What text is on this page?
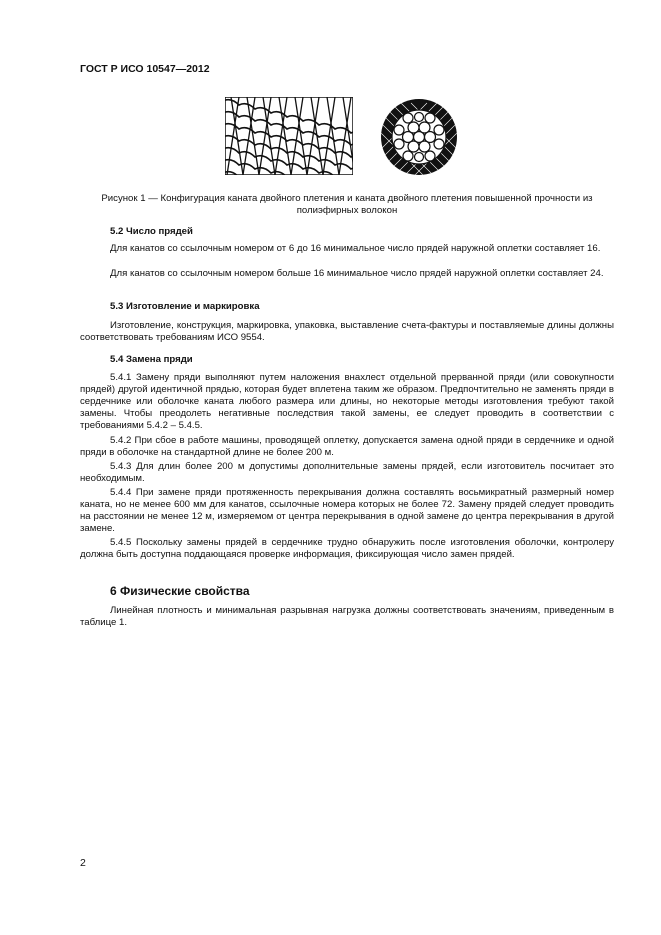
ГОСТ Р ИСО 10547—2012
Рисунок 1 — Конфигурация каната двойного плетения и каната двойного плетения повышенной прочности из полиэфирных волокон
5.2 Число прядей
Для канатов со ссылочным номером от 6 до 16 минимальное число прядей наружной оплетки составляет 16.
Для канатов со ссылочным номером больше 16 минимальное число прядей наружной оплетки составляет 24.
5.3 Изготовление и маркировка
Изготовление, конструкция, маркировка, упаковка, выставление счета-фактуры и поставляемые длины должны соответствовать требованиям ИСО 9554.
5.4 Замена пряди
5.4.1 Замену пряди выполняют путем наложения внахлест отдельной прерванной пряди (или совокупности прядей) другой идентичной прядью, которая будет вплетена таким же образом. Предпочтительно не заменять пряди в сердечнике или оболочке каната любого размера или длины, но некоторые методы изготовления требуют такой замены. Чтобы преодолеть негативные последствия такой замены, ее следует проводить в соответствии с требованиями 5.4.2 – 5.4.5.
5.4.2 При сбое в работе машины, проводящей оплетку, допускается замена одной пряди в сердечнике и одной пряди в оболочке на стандартной длине не более 200 м.
5.4.3 Для длин более 200 м допустимы дополнительные замены прядей, если изготовитель посчитает это необходимым.
5.4.4 При замене пряди протяженность перекрывания должна составлять восьмикратный размерный номер каната, но не менее 600 мм для канатов, ссылочные номера которых не более 72. Замену прядей следует проводить на расстоянии не менее 12 м, измеряемом от центра перекрывания в одной замене до центра перекрывания в другой замене.
5.4.5 Поскольку замены прядей в сердечнике трудно обнаружить после изготовления оболочки, контролеру должна быть доступна поддающаяся проверке информация, фиксирующая число замен прядей.
6 Физические свойства
Линейная плотность и минимальная разрывная нагрузка должны соответствовать значениям, приведенным в таблице 1.
2
